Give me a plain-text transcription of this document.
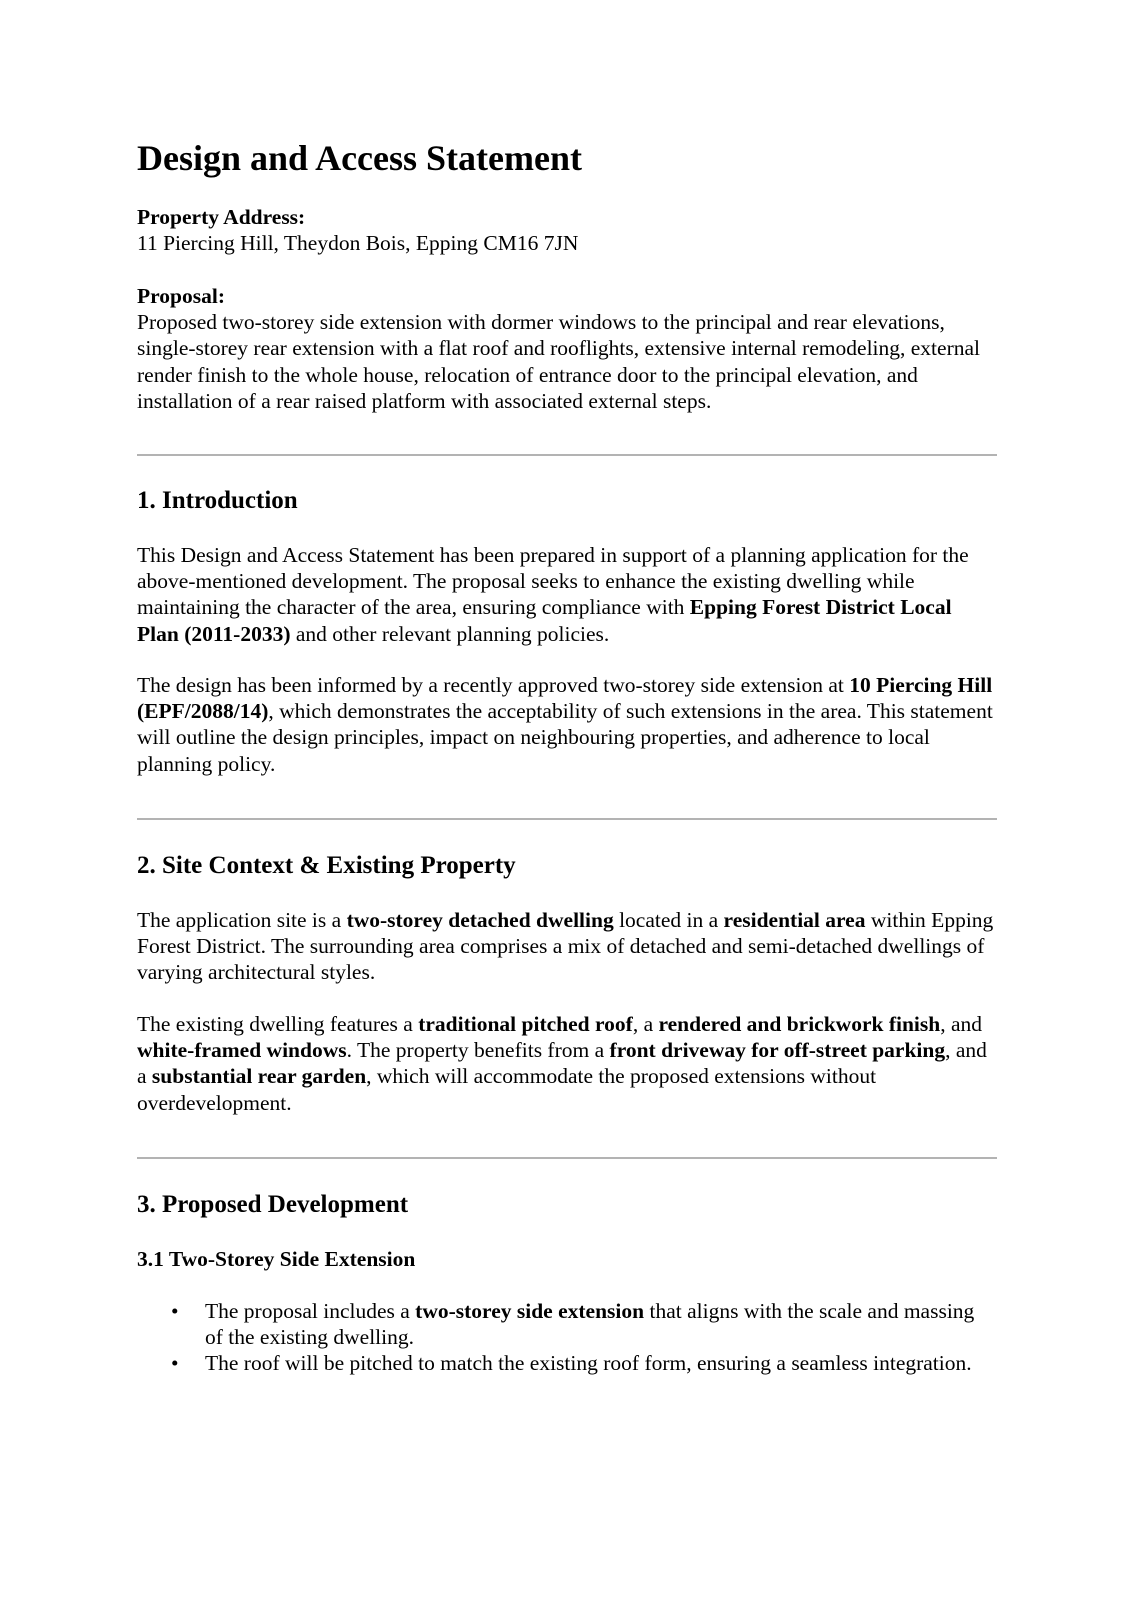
Design and Access Statement
Property Address:
11 Piercing Hill, Theydon Bois, Epping CM16 7JN
Proposal:

Proposed two-storey side extension with dormer windows to the principal and rear elevations, single-storey rear extension with a flat roof and rooflights, extensive internal remodeling, external render finish to the whole house, relocation of entrance door to the principal elevation, and installation of a rear raised platform with associated external steps.

1. Introduction

This Design and Access Statement has been prepared in support of a planning application for the above-mentioned development. The proposal seeks to enhance the existing dwelling while maintaining the character of the area, ensuring compliance with Epping Forest District Local Plan (2011-2033) and other relevant planning policies.

The design has been informed by a recently approved two-storey side extension at 10 Piercing Hill (EPF/2088/14), which demonstrates the acceptability of such extensions in the area. This statement will outline the design principles, impact on neighbouring properties, and adherence to local planning policy.

2. Site Context & Existing Property

The application site is a two-storey detached dwelling located in a residential area within Epping Forest District. The surrounding area comprises a mix of detached and semi-detached dwellings of varying architectural styles.

The existing dwelling features a traditional pitched roof, a rendered and brickwork finish, and white-framed windows. The property benefits from a front driveway for off-street parking, and a substantial rear garden, which will accommodate the proposed extensions without overdevelopment.

3. Proposed Development
3.1 Two-Storey Side Extension
• The proposal includes a two-storey side extension that aligns with the scale and massing of the existing dwelling.
• The roof will be pitched to match the existing roof form, ensuring a seamless integration.
